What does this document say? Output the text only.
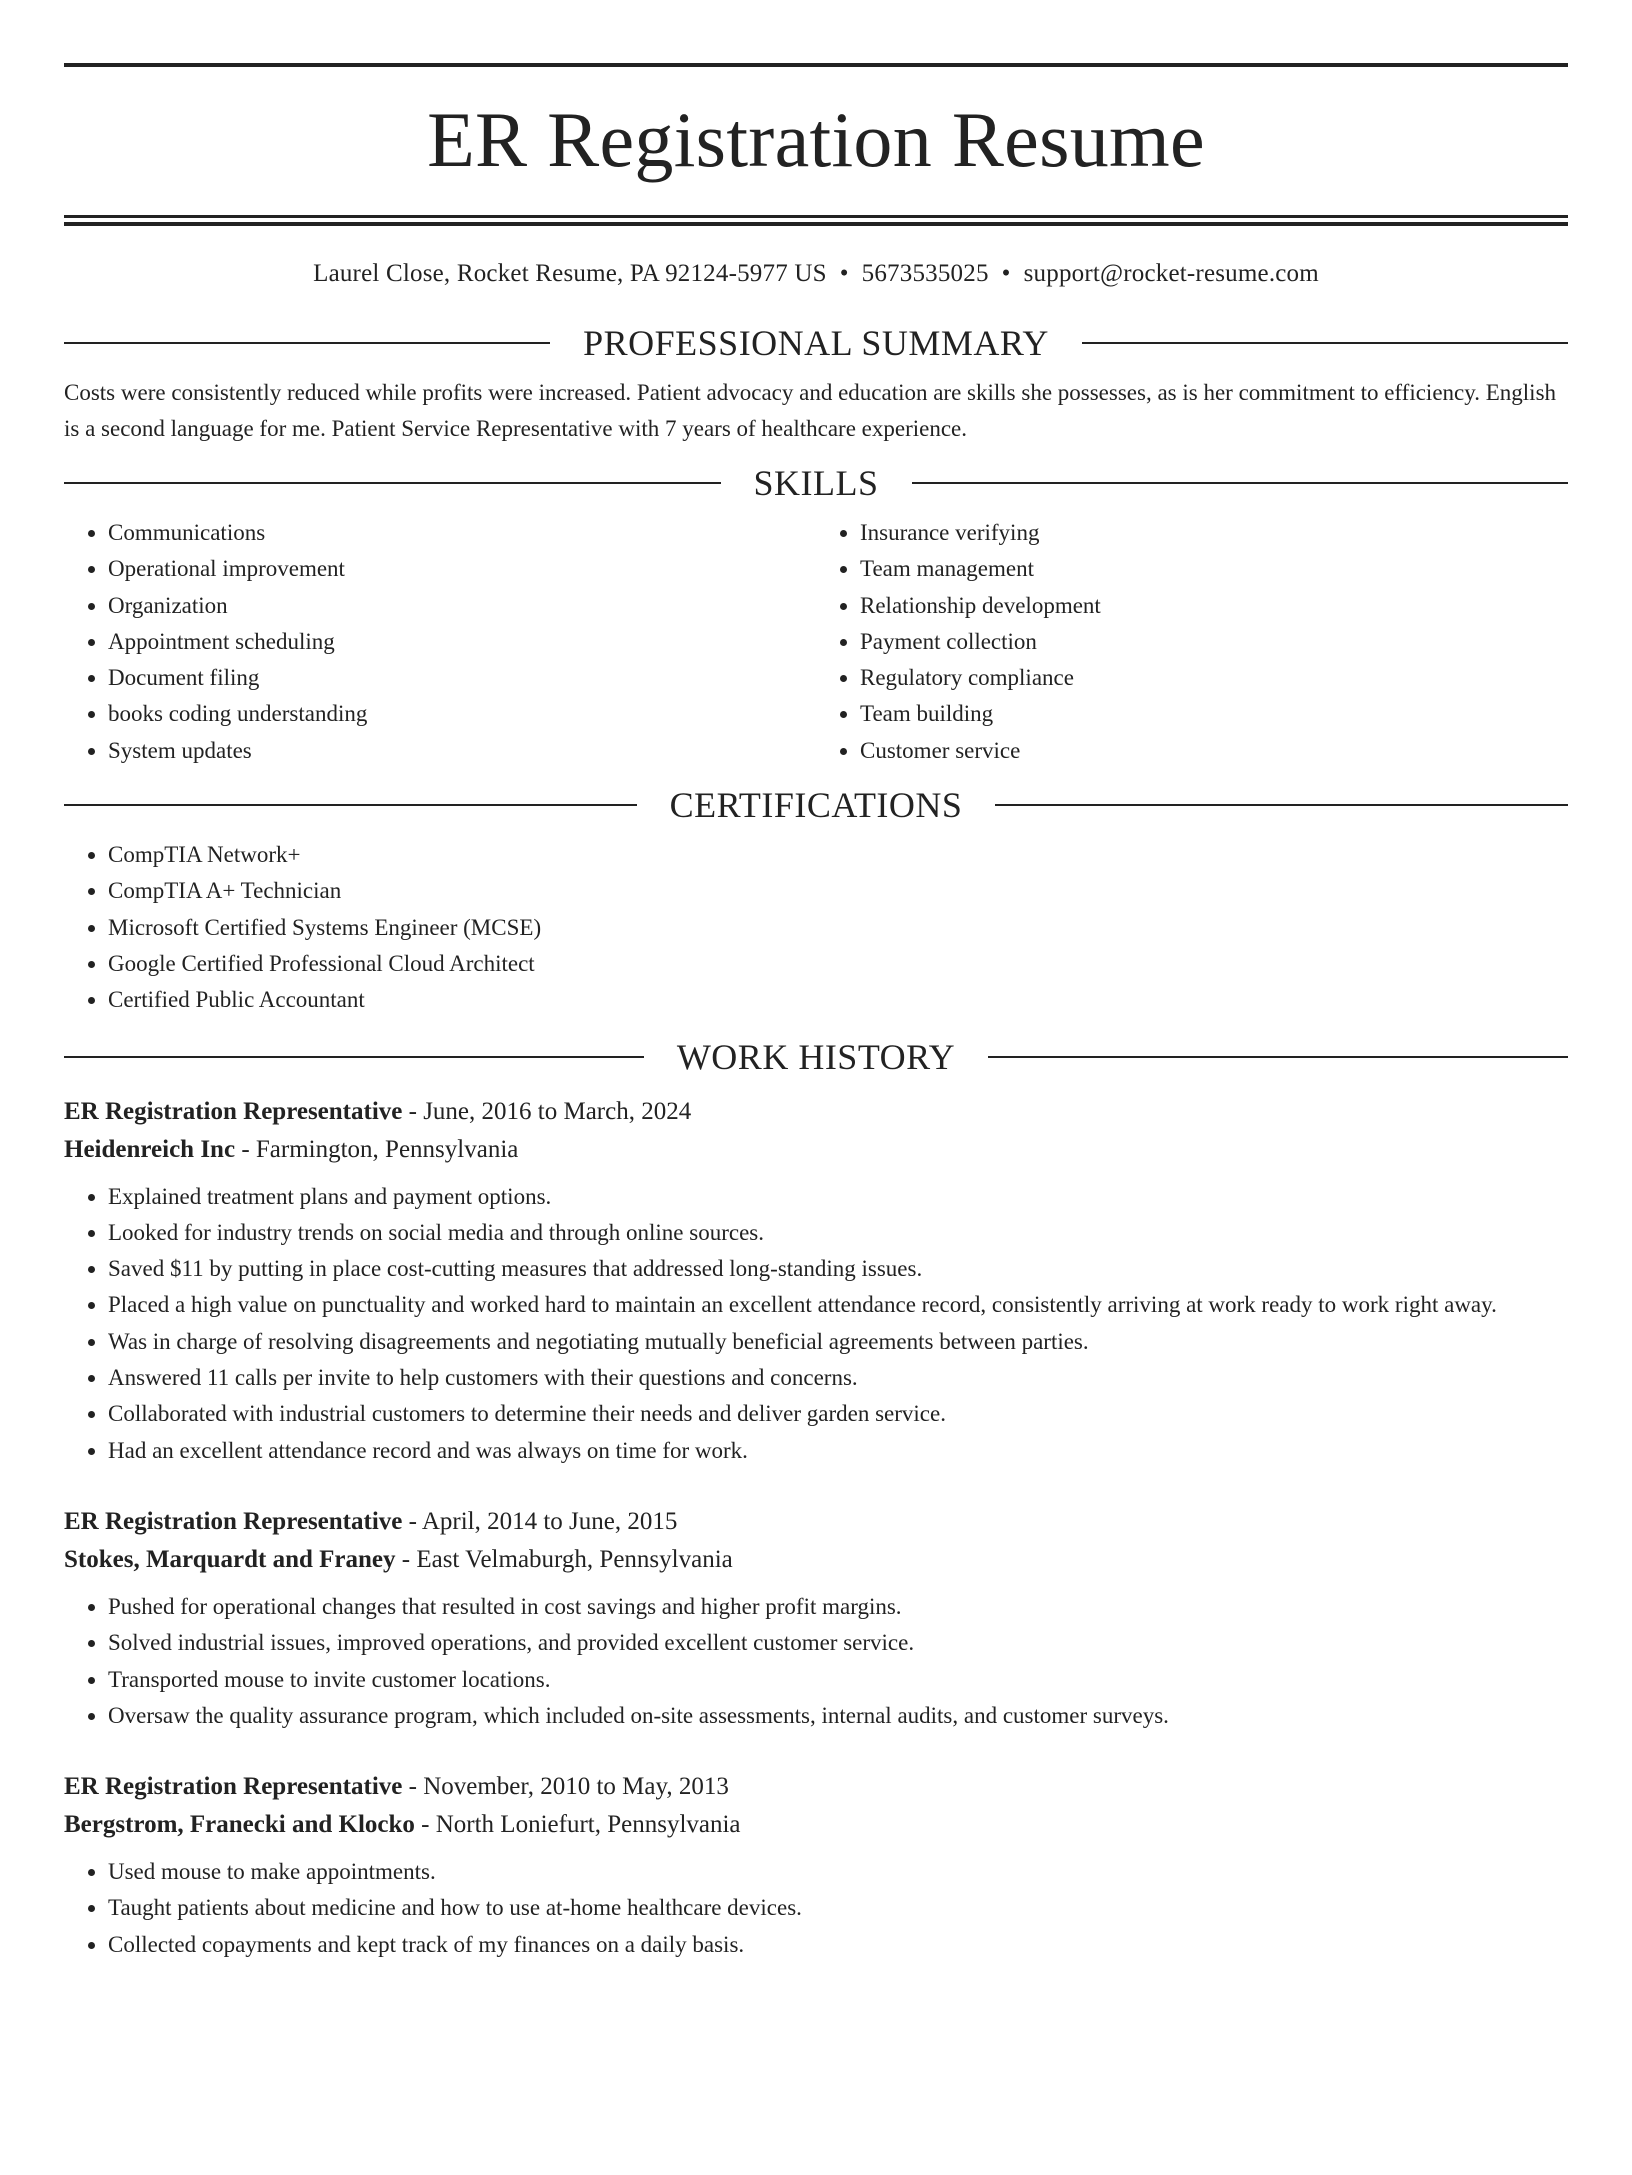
ER Registration Resume
Laurel Close, Rocket Resume, PA 92124-5977 US • 5673535025 • support@rocket-resume.com
PROFESSIONAL SUMMARY
Costs were consistently reduced while profits were increased. Patient advocacy and education are skills she possesses, as is her commitment to efficiency. English is a second language for me. Patient Service Representative with 7 years of healthcare experience.
SKILLS
• Communications
• Operational improvement
• Organization
• Appointment scheduling
• Document filing
• books coding understanding
• System updates
• Insurance verifying
• Team management
• Relationship development
• Payment collection
• Regulatory compliance
• Team building
• Customer service
CERTIFICATIONS
• CompTIA Network+
• CompTIA A+ Technician
• Microsoft Certified Systems Engineer (MCSE)
• Google Certified Professional Cloud Architect
• Certified Public Accountant
WORK HISTORY
ER Registration Representative - June, 2016 to March, 2024
Heidenreich Inc - Farmington, Pennsylvania
• Explained treatment plans and payment options.
• Looked for industry trends on social media and through online sources.
• Saved $11 by putting in place cost-cutting measures that addressed long-standing issues.
• Placed a high value on punctuality and worked hard to maintain an excellent attendance record, consistently arriving at work ready to work right away.
• Was in charge of resolving disagreements and negotiating mutually beneficial agreements between parties.
• Answered 11 calls per invite to help customers with their questions and concerns.
• Collaborated with industrial customers to determine their needs and deliver garden service.
• Had an excellent attendance record and was always on time for work.
ER Registration Representative - April, 2014 to June, 2015
Stokes, Marquardt and Franey - East Velmaburgh, Pennsylvania
• Pushed for operational changes that resulted in cost savings and higher profit margins.
• Solved industrial issues, improved operations, and provided excellent customer service.
• Transported mouse to invite customer locations.
• Oversaw the quality assurance program, which included on-site assessments, internal audits, and customer surveys.
ER Registration Representative - November, 2010 to May, 2013
Bergstrom, Franecki and Klocko - North Loniefurt, Pennsylvania
• Used mouse to make appointments.
• Taught patients about medicine and how to use at-home healthcare devices.
• Collected copayments and kept track of my finances on a daily basis.
